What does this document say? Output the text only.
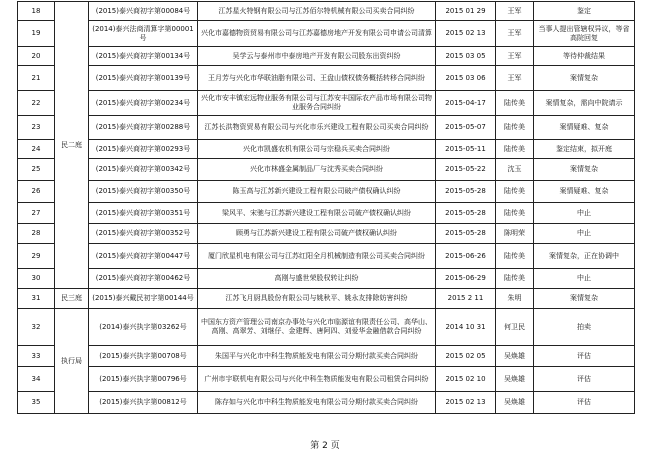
18	民二庭	(2015)泰兴商初字第00084号	江苏星火特钢有限公司与江苏佰尔特机械有限公司买卖合同纠纷	2015 01 29	王军	鉴定
19		(2014)泰兴法商清算字第00001号	兴化市嘉德物资贸易有限公司与江苏嘉德房地产开发有限公司申请公司清算	2015 02 13	王军	当事人提出管辖权异议，等省高院回复
20		(2015)泰兴商初字第00134号	吴学云与泰州市中泰房地产开发有限公司股东出资纠纷	2015 03 05	王军	等待仲裁结果
21		(2015)泰兴商初字第00139号	王月芳与兴化市华联油脂有限公司、王盘山债权债务概括转移合同纠纷	2015 03 06	王军	案情复杂
22		(2015)泰兴商初字第00234号	兴化市安丰镇宏远物业服务有限公司与江苏安丰国际农产品市场有限公司物业服务合同纠纷	2015-04-17	陆传美	案情复杂，需向中院请示
23		(2015)泰兴商初字第00288号	江苏长洪物资贸易有限公司与兴化市乐兴建设工程有限公司买卖合同纠纷	2015-05-07	陆传美	案情疑难、复杂
24		(2015)泰兴商初字第00293号	兴化市凯盛农机有限公司与宗稳兵买卖合同纠纷	2015-05-11	陆传美	鉴定结束，拟开庭
25		(2015)泰兴商初字第00342号	兴化市林盛金属制品厂与沈秀买卖合同纠纷	2015-05-22	沈玉	案情复杂
26		(2015)泰兴商初字第00350号	陈玉高与江苏新兴建设工程有限公司破产债权确认纠纷	2015-05-28	陆传美	案情疑难、复杂
27		(2015)泰兴商初字第00351号	梁风平、宋驰与江苏新兴建设工程有限公司破产债权确认纠纷	2015-05-28	陆传美	中止
28		(2015)泰兴商初字第00352号	顾勇与江苏新兴建设工程有限公司破产债权确认纠纷	2015-05-28	陈明荣	中止
29		(2015)泰兴商初字第00447号	厦门欣星机电有限公司与江苏红阳全月机械制造有限公司买卖合同纠纷	2015-06-26	陆传美	案情复杂，正在协调中
30		(2015)泰兴商初字第00462号	高刚与盛世荣股权转让纠纷	2015-06-29	陆传美	中止
31	民三庭	(2015)泰兴戴民初字第00144号	江苏飞月厨具股份有限公司与姚秋平、姚永友排除妨害纠纷	2015 2 11	朱明	案情复杂
32	执行局	(2014)泰兴执字第03262号	中国东方资产管理公司南京办事处与兴化市临源谊有限责任公司、高华山、高刚、高翠芳、刘继仔、金建辉、唐阿四、刘爱华金融借款合同纠纷	2014 10 31	何卫民	拍卖
33		(2015)泰兴执字第00708号	朱国平与兴化市中科生物质能发电有限公司分期付款买卖合同纠纷	2015 02 05	吴焕雄	评估
34		(2015)泰兴执字第00796号	广州市宇联机电有限公司与兴化中科生物质能发电有限公司租赁合同纠纷	2015 02 10	吴焕雄	评估
35		(2015)泰兴执字第00812号	陈存如与兴化市中科生物质能发电有限公司分期付款买卖合同纠纷	2015 02 13	吴焕雄	评估
第 2 页
